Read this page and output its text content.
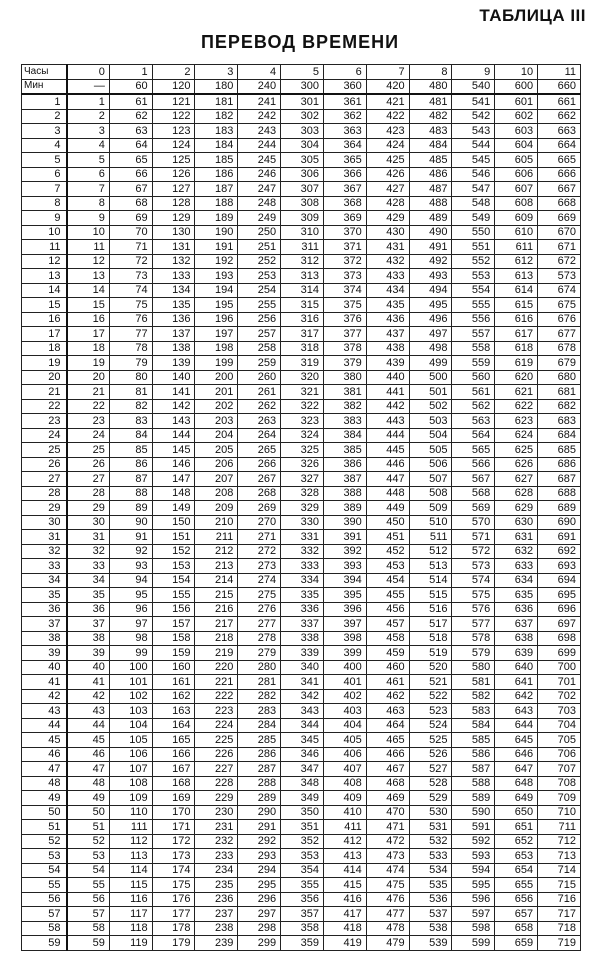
ТАБЛИЦА III
ПЕРЕВОД ВРЕМЕНИ
Часы	0	1	2	3	4	5	6	7	8	9	10	11
Мин	—	60	120	180	240	300	360	420	480	540	600	660
1	1	61	121	181	241	301	361	421	481	541	601	661
2	2	62	122	182	242	302	362	422	482	542	602	662
3	3	63	123	183	243	303	363	423	483	543	603	663
4	4	64	124	184	244	304	364	424	484	544	604	664
5	5	65	125	185	245	305	365	425	485	545	605	665
6	6	66	126	186	246	306	366	426	486	546	606	666
7	7	67	127	187	247	307	367	427	487	547	607	667
8	8	68	128	188	248	308	368	428	488	548	608	668
9	9	69	129	189	249	309	369	429	489	549	609	669
10	10	70	130	190	250	310	370	430	490	550	610	670
11	11	71	131	191	251	311	371	431	491	551	611	671
12	12	72	132	192	252	312	372	432	492	552	612	672
13	13	73	133	193	253	313	373	433	493	553	613	573
14	14	74	134	194	254	314	374	434	494	554	614	674
15	15	75	135	195	255	315	375	435	495	555	615	675
16	16	76	136	196	256	316	376	436	496	556	616	676
17	17	77	137	197	257	317	377	437	497	557	617	677
18	18	78	138	198	258	318	378	438	498	558	618	678
19	19	79	139	199	259	319	379	439	499	559	619	679
20	20	80	140	200	260	320	380	440	500	560	620	680
21	21	81	141	201	261	321	381	441	501	561	621	681
22	22	82	142	202	262	322	382	442	502	562	622	682
23	23	83	143	203	263	323	383	443	503	563	623	683
24	24	84	144	204	264	324	384	444	504	564	624	684
25	25	85	145	205	265	325	385	445	505	565	625	685
26	26	86	146	206	266	326	386	446	506	566	626	686
27	27	87	147	207	267	327	387	447	507	567	627	687
28	28	88	148	208	268	328	388	448	508	568	628	688
29	29	89	149	209	269	329	389	449	509	569	629	689
30	30	90	150	210	270	330	390	450	510	570	630	690
31	31	91	151	211	271	331	391	451	511	571	631	691
32	32	92	152	212	272	332	392	452	512	572	632	692
33	33	93	153	213	273	333	393	453	513	573	633	693
34	34	94	154	214	274	334	394	454	514	574	634	694
35	35	95	155	215	275	335	395	455	515	575	635	695
36	36	96	156	216	276	336	396	456	516	576	636	696
37	37	97	157	217	277	337	397	457	517	577	637	697
38	38	98	158	218	278	338	398	458	518	578	638	698
39	39	99	159	219	279	339	399	459	519	579	639	699
40	40	100	160	220	280	340	400	460	520	580	640	700
41	41	101	161	221	281	341	401	461	521	581	641	701
42	42	102	162	222	282	342	402	462	522	582	642	702
43	43	103	163	223	283	343	403	463	523	583	643	703
44	44	104	164	224	284	344	404	464	524	584	644	704
45	45	105	165	225	285	345	405	465	525	585	645	705
46	46	106	166	226	286	346	406	466	526	586	646	706
47	47	107	167	227	287	347	407	467	527	587	647	707
48	48	108	168	228	288	348	408	468	528	588	648	708
49	49	109	169	229	289	349	409	469	529	589	649	709
50	50	110	170	230	290	350	410	470	530	590	650	710
51	51	111	171	231	291	351	411	471	531	591	651	711
52	52	112	172	232	292	352	412	472	532	592	652	712
53	53	113	173	233	293	353	413	473	533	593	653	713
54	54	114	174	234	294	354	414	474	534	594	654	714
55	55	115	175	235	295	355	415	475	535	595	655	715
56	56	116	176	236	296	356	416	476	536	596	656	716
57	57	117	177	237	297	357	417	477	537	597	657	717
58	58	118	178	238	298	358	418	478	538	598	658	718
59	59	119	179	239	299	359	419	479	539	599	659	719
